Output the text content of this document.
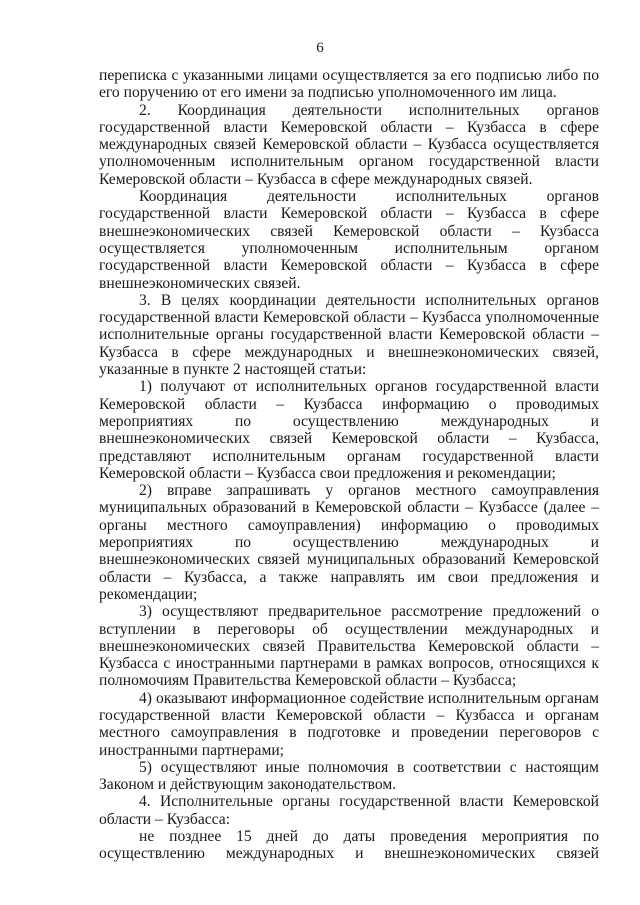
6

переписка с указанными лицами осуществляется за его подписью либо по его поручению от его имени за подписью уполномоченного им лица.

2. Координация деятельности исполнительных органов государственной власти Кемеровской области – Кузбасса в сфере международных связей Кемеровской области – Кузбасса осуществляется уполномоченным исполнительным органом государственной власти Кемеровской области – Кузбасса в сфере международных связей.

Координация деятельности исполнительных органов государственной власти Кемеровской области – Кузбасса в сфере внешнеэкономических связей Кемеровской области – Кузбасса осуществляется уполномоченным исполнительным органом государственной власти Кемеровской области – Кузбасса в сфере внешнеэкономических связей.

3. В целях координации деятельности исполнительных органов государственной власти Кемеровской области – Кузбасса уполномоченные исполнительные органы государственной власти Кемеровской области – Кузбасса в сфере международных и внешнеэкономических связей, указанные в пункте 2 настоящей статьи:

1) получают от исполнительных органов государственной власти Кемеровской области – Кузбасса информацию о проводимых мероприятиях по осуществлению международных и внешнеэкономических связей Кемеровской области – Кузбасса, представляют исполнительным органам государственной власти Кемеровской области – Кузбасса свои предложения и рекомендации;

2) вправе запрашивать у органов местного самоуправления муниципальных образований в Кемеровской области – Кузбассе (далее – органы местного самоуправления) информацию о проводимых мероприятиях по осуществлению международных и внешнеэкономических связей муниципальных образований Кемеровской области – Кузбасса, а также направлять им свои предложения и рекомендации;

3) осуществляют предварительное рассмотрение предложений о вступлении в переговоры об осуществлении международных и внешнеэкономических связей Правительства Кемеровской области – Кузбасса с иностранными партнерами в рамках вопросов, относящихся к полномочиям Правительства Кемеровской области – Кузбасса;

4) оказывают информационное содействие исполнительным органам государственной власти Кемеровской области – Кузбасса и органам местного самоуправления в подготовке и проведении переговоров с иностранными партнерами;

5) осуществляют иные полномочия в соответствии с настоящим Законом и действующим законодательством.

4. Исполнительные органы государственной власти Кемеровской области – Кузбасса:

не позднее 15 дней до даты проведения мероприятия по осуществлению международных и внешнеэкономических связей
